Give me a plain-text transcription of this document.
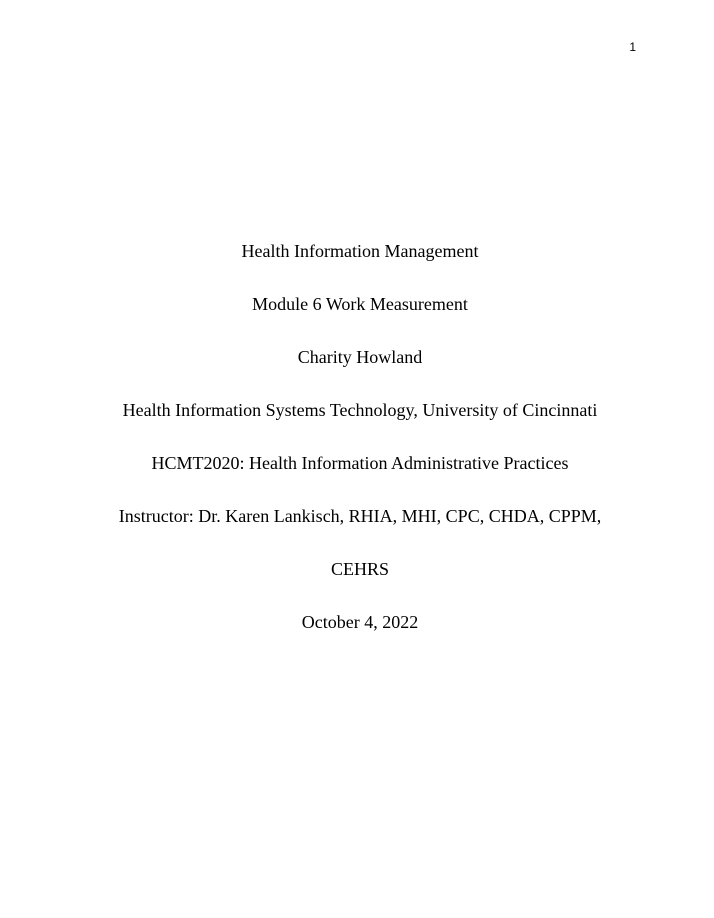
1
Health Information Management
Module 6 Work Measurement
Charity Howland
Health Information Systems Technology, University of Cincinnati
HCMT2020: Health Information Administrative Practices
Instructor: Dr. Karen Lankisch, RHIA, MHI, CPC, CHDA, CPPM,
CEHRS
October 4, 2022
